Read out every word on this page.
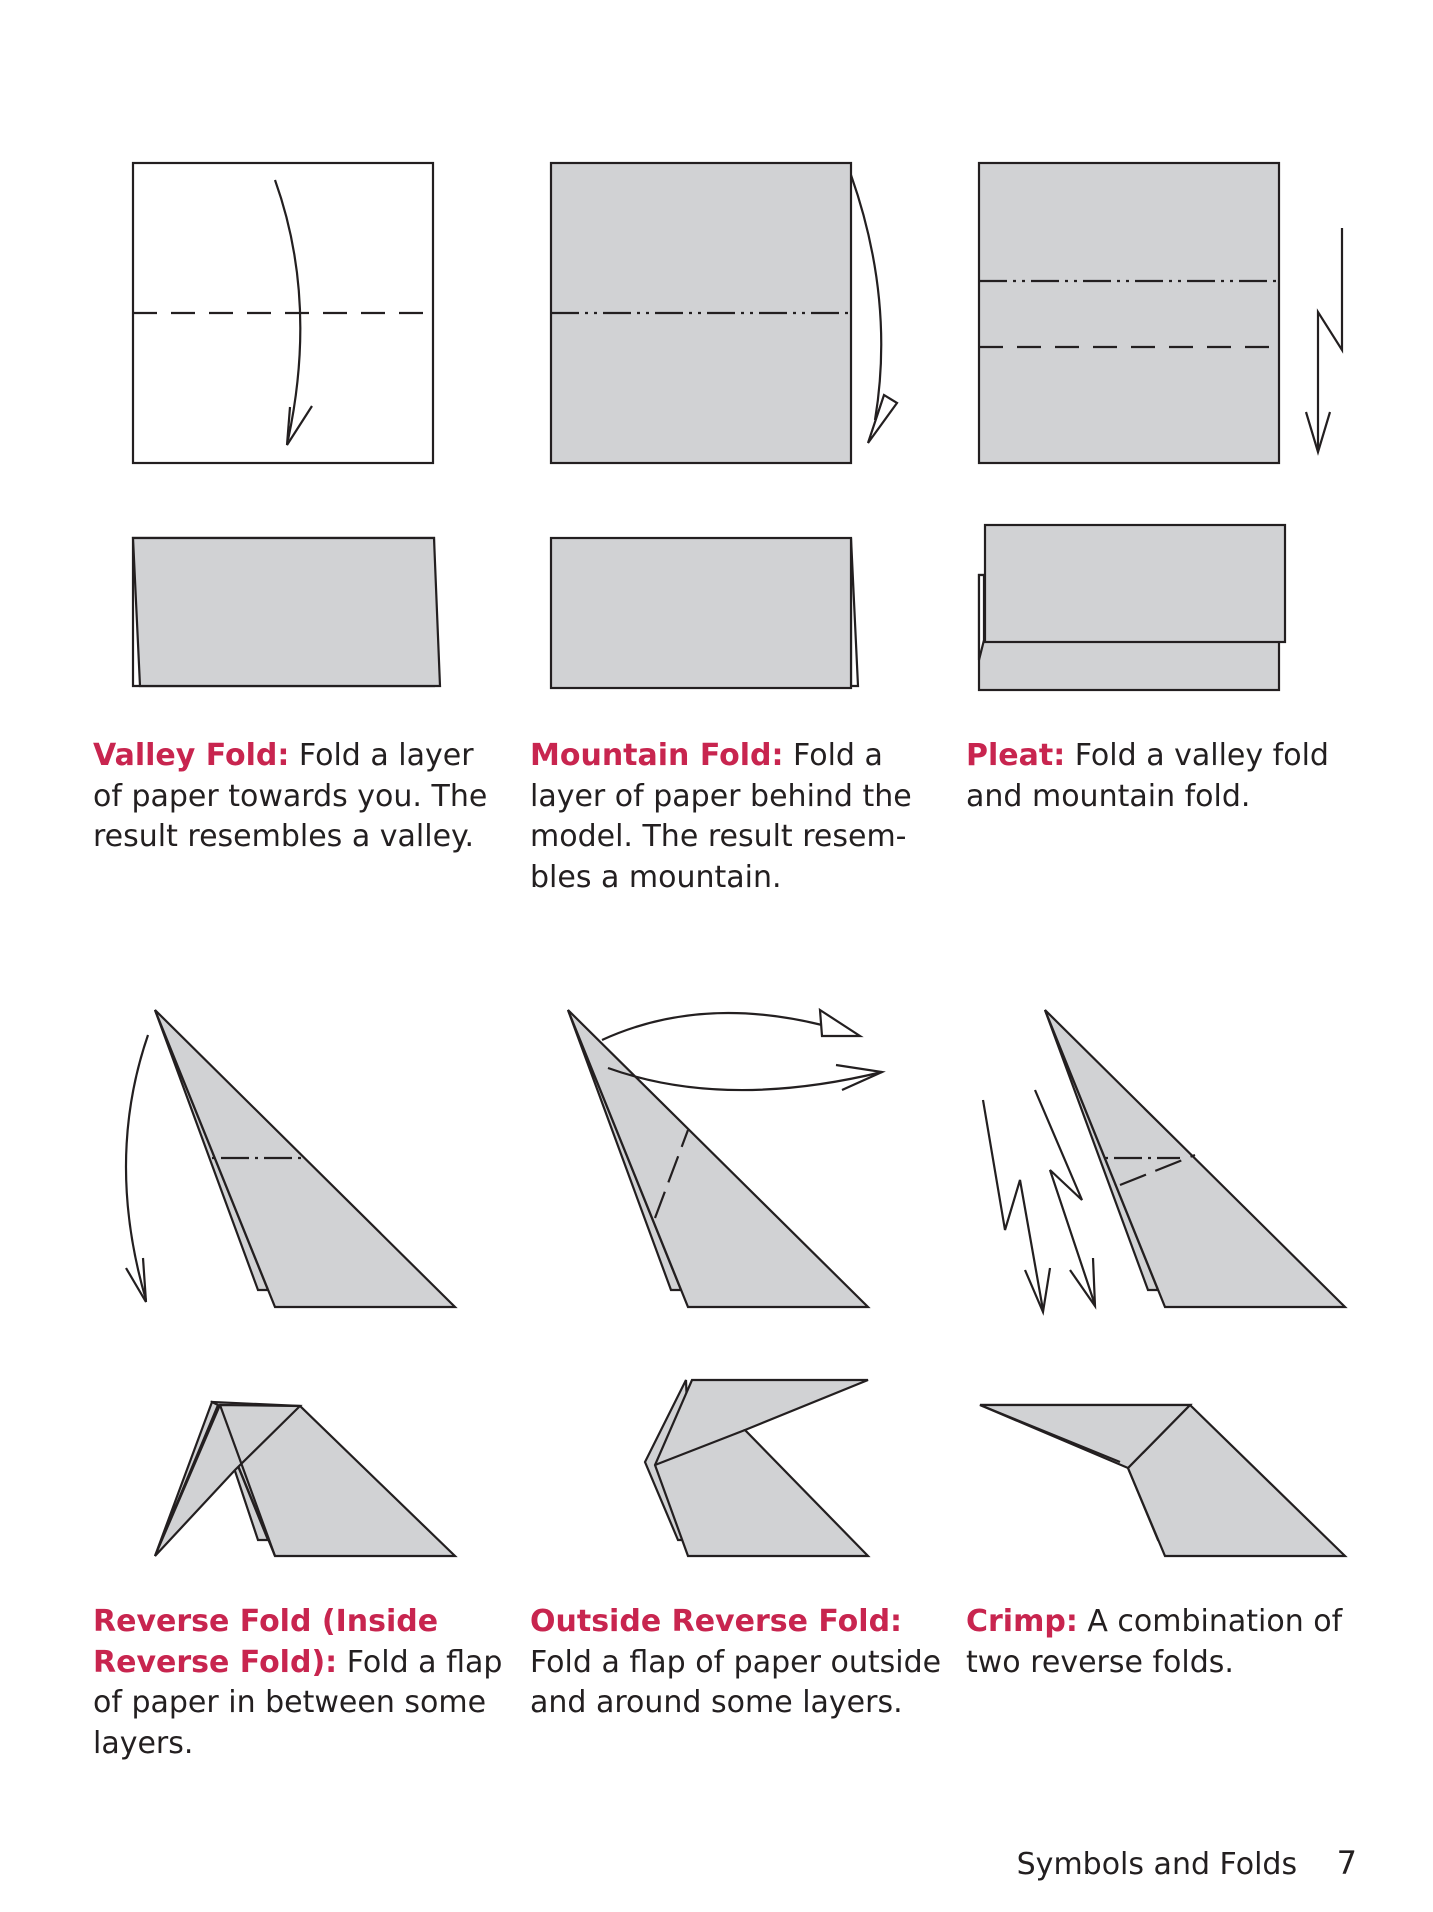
Valley Fold: Fold a layer
of paper towards you. The
result resembles a valley.
Mountain Fold: Fold a
layer of paper behind the
model. The result resem-
bles a mountain.
Pleat: Fold a valley fold
and mountain fold.
Reverse Fold (Inside
Reverse Fold): Fold a flap
of paper in between some
layers.
Outside Reverse Fold:
Fold a flap of paper outside
and around some layers.
Crimp: A combination of
two reverse folds.
Symbols and Folds 7
